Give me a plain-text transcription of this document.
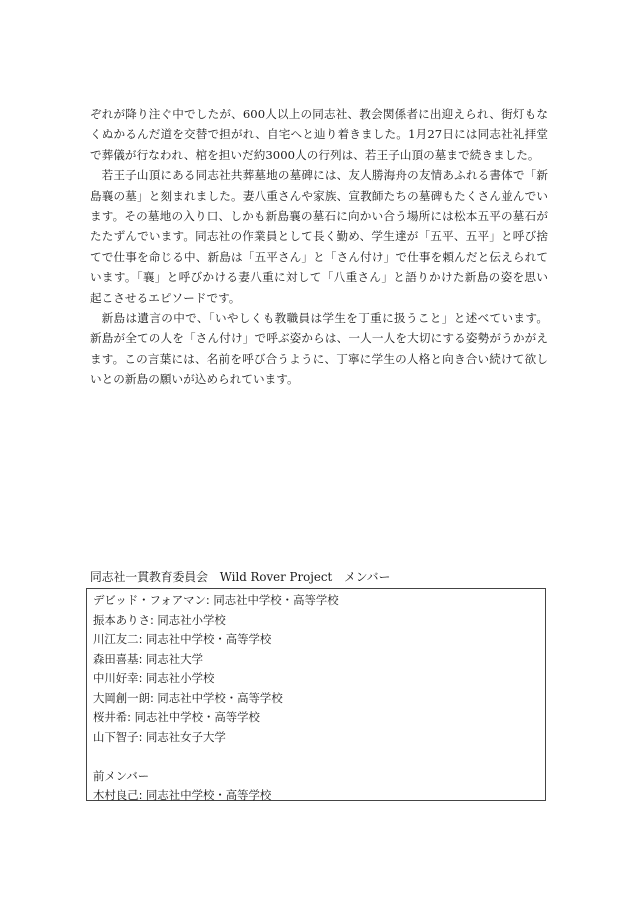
ぞれが降り注ぐ中でしたが、600人以上の同志社、教会関係者に出迎えられ、街灯もなくぬかるんだ道を交替で担がれ、自宅へと辿り着きました。1月27日には同志社礼拝堂で葬儀が行なわれ、棺を担いだ約3000人の行列は、若王子山頂の墓まで続きました。

若王子山頂にある同志社共葬墓地の墓碑には、友人勝海舟の友情あふれる書体で「新島襄の墓」と刻まれました。妻八重さんや家族、宣教師たちの墓碑もたくさん並んでいます。その墓地の入り口、しかも新島襄の墓石に向かい合う場所には松本五平の墓石がたたずんでいます。同志社の作業員として長く勤め、学生達が「五平、五平」と呼び捨てで仕事を命じる中、新島は「五平さん」と「さん付け」で仕事を頼んだと伝えられています。「襄」と呼びかける妻八重に対して「八重さん」と語りかけた新島の姿を思い起こさせるエピソードです。

新島は遺言の中で、「いやしくも教職員は学生を丁重に扱うこと」と述べています。新島が全ての人を「さん付け」で呼ぶ姿からは、一人一人を大切にする姿勢がうかがえます。この言葉には、名前を呼び合うように、丁寧に学生の人格と向き合い続けて欲しいとの新島の願いが込められています。

同志社一貫教育委員会　Wild Rover Project　メンバー
デビッド・フォアマン: 同志社中学校・高等学校
振本ありさ: 同志社小学校
川江友二: 同志社中学校・高等学校
森田喜基: 同志社大学
中川好幸: 同志社小学校
大岡創一朗: 同志社中学校・高等学校
桜井希: 同志社中学校・高等学校
山下智子: 同志社女子大学
前メンバー
木村良己: 同志社中学校・高等学校
